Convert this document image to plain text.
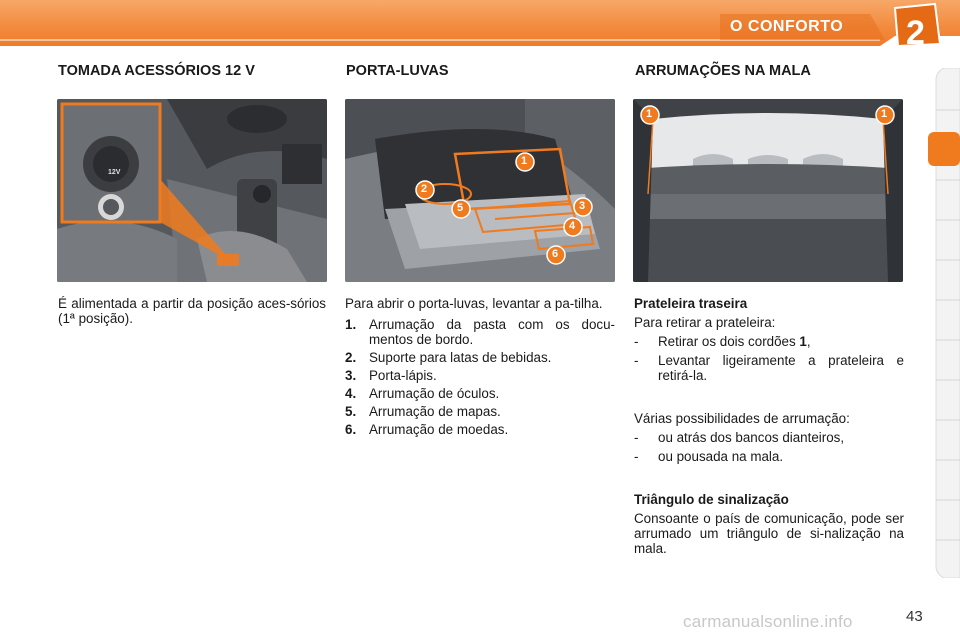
O CONFORTO 2
TOMADA ACESSÓRIOS 12 V	PORTA-LUVAS	ARRUMAÇÕES NA MALA
12V
1
2
3
4
5
6
1	1

É alimentada a partir da posição aces-sórios (1ª posição).

Para abrir o porta-luvas, levantar a pa-tilha.

1. Arrumação da pasta com os docu-mentos de bordo.
2. Suporte para latas de bebidas.
3. Porta-lápis.
4. Arrumação de óculos.
5. Arrumação de mapas.
6. Arrumação de moedas.

Prateleira traseira

Para retirar a prateleira:

-	Retirar os dois cordões 1,
-	Levantar ligeiramente a prateleira e retirá-la.

Várias possibilidades de arrumação:

-	ou atrás dos bancos dianteiros,
-	ou pousada na mala.

Triângulo de sinalização

Consoante o país de comunicação, pode ser arrumado um triângulo de si-nalização na mala.

carmanualsonline.info	43
